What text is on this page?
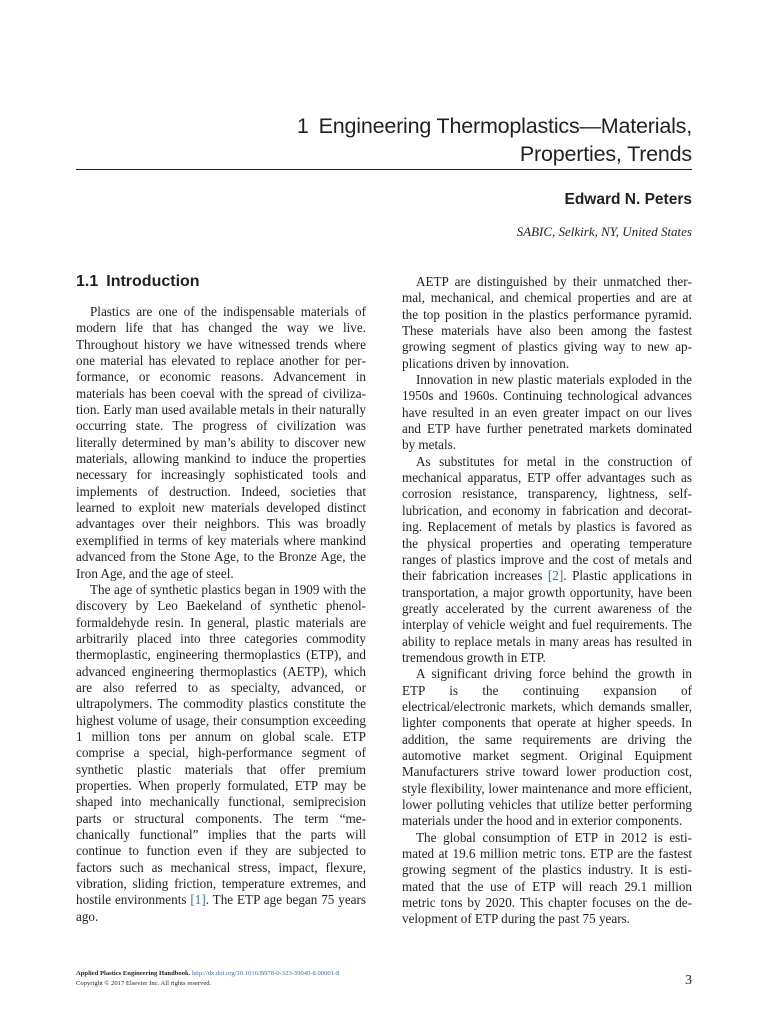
1 Engineering Thermoplastics—Materials,
Properties, Trends
Edward N. Peters
SABIC, Selkirk, NY, United States
1.1 Introduction

Plastics are one of the indispensable materials of modern life that has changed the way we live. Throughout history we have witnessed trends where one material has elevated to replace another for performance, or economic reasons. Advancement in materials has been coeval with the spread of civilization. Early man used available metals in their naturally occurring state. The progress of civilization was literally determined by man’s ability to discover new materials, allowing mankind to induce the properties necessary for increasingly sophisticated tools and implements of destruction. Indeed, societies that learned to exploit new materials developed distinct advantages over their neighbors. This was broadly exemplified in terms of key materials where mankind advanced from the Stone Age, to the Bronze Age, the Iron Age, and the age of steel.

The age of synthetic plastics began in 1909 with the discovery by Leo Baekeland of synthetic phenol-formaldehyde resin. In general, plastic materials are arbitrarily placed into three categories commodity thermoplastic, engineering thermoplastics (ETP), and advanced engineering thermoplastics (AETP), which are also referred to as specialty, advanced, or ultrapolymers. The commodity plastics constitute the highest volume of usage, their consumption exceeding 1 million tons per annum on global scale. ETP comprise a special, high-performance segment of synthetic plastic materials that offer premium properties. When properly formulated, ETP may be shaped into mechanically functional, semiprecision parts or structural components. The term “mechanically functional” implies that the parts will continue to function even if they are subjected to factors such as mechanical stress, impact, flexure, vibration, sliding friction, temperature extremes, and hostile environments [1]. The ETP age began 75 years ago.

AETP are distinguished by their unmatched thermal, mechanical, and chemical properties and are at the top position in the plastics performance pyramid. These materials have also been among the fastest growing segment of plastics giving way to new applications driven by innovation.

Innovation in new plastic materials exploded in the 1950s and 1960s. Continuing technological advances have resulted in an even greater impact on our lives and ETP have further penetrated markets dominated by metals.

As substitutes for metal in the construction of mechanical apparatus, ETP offer advantages such as corrosion resistance, transparency, lightness, self-lubrication, and economy in fabrication and decorating. Replacement of metals by plastics is favored as the physical properties and operating temperature ranges of plastics improve and the cost of metals and their fabrication increases [2]. Plastic applications in transportation, a major growth opportunity, have been greatly accelerated by the current awareness of the interplay of vehicle weight and fuel requirements. The ability to replace metals in many areas has resulted in tremendous growth in ETP.

A significant driving force behind the growth in ETP is the continuing expansion of electrical/electronic markets, which demands smaller, lighter components that operate at higher speeds. In addition, the same requirements are driving the automotive market segment. Original Equipment Manufacturers strive toward lower production cost, style flexibility, lower maintenance and more efficient, lower polluting vehicles that utilize better performing materials under the hood and in exterior components.

The global consumption of ETP in 2012 is estimated at 19.6 million metric tons. ETP are the fastest growing segment of the plastics industry. It is estimated that the use of ETP will reach 29.1 million metric tons by 2020. This chapter focuses on the development of ETP during the past 75 years.

Applied Plastics Engineering Handbook. http://dx.doi.org/10.1016/B978-0-323-39040-8.00001-8
Copyright © 2017 Elsevier Inc. All rights reserved.	3
